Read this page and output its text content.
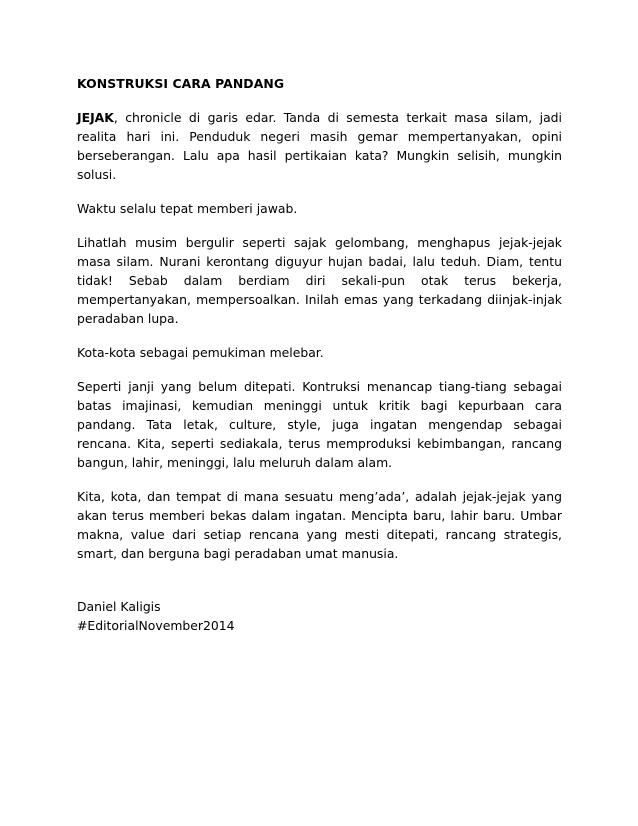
KONSTRUKSI CARA PANDANG

JEJAK, chronicle di garis edar. Tanda di semesta terkait masa silam, jadi realita hari ini. Penduduk negeri masih gemar mempertanyakan, opini berseberangan. Lalu apa hasil pertikaian kata? Mungkin selisih, mungkin solusi.

Waktu selalu tepat memberi jawab.

Lihatlah musim bergulir seperti sajak gelombang, menghapus jejak-jejak masa silam. Nurani kerontang diguyur hujan badai, lalu teduh. Diam, tentu tidak! Sebab dalam berdiam diri sekali-pun otak terus bekerja, mempertanyakan, mempersoalkan. Inilah emas yang terkadang diinjak-injak peradaban lupa.

Kota-kota sebagai pemukiman melebar.

Seperti janji yang belum ditepati. Kontruksi menancap tiang-tiang sebagai batas imajinasi, kemudian meninggi untuk kritik bagi kepurbaan cara pandang. Tata letak, culture, style, juga ingatan mengendap sebagai rencana. Kita, seperti sediakala, terus memproduksi kebimbangan, rancang bangun, lahir, meninggi, lalu meluruh dalam alam.

Kita, kota, dan tempat di mana sesuatu meng’ada’, adalah jejak-jejak yang akan terus memberi bekas dalam ingatan. Mencipta baru, lahir baru. Umbar makna, value dari setiap rencana yang mesti ditepati, rancang strategis, smart, dan berguna bagi peradaban umat manusia.

Daniel Kaligis
#EditorialNovember2014
